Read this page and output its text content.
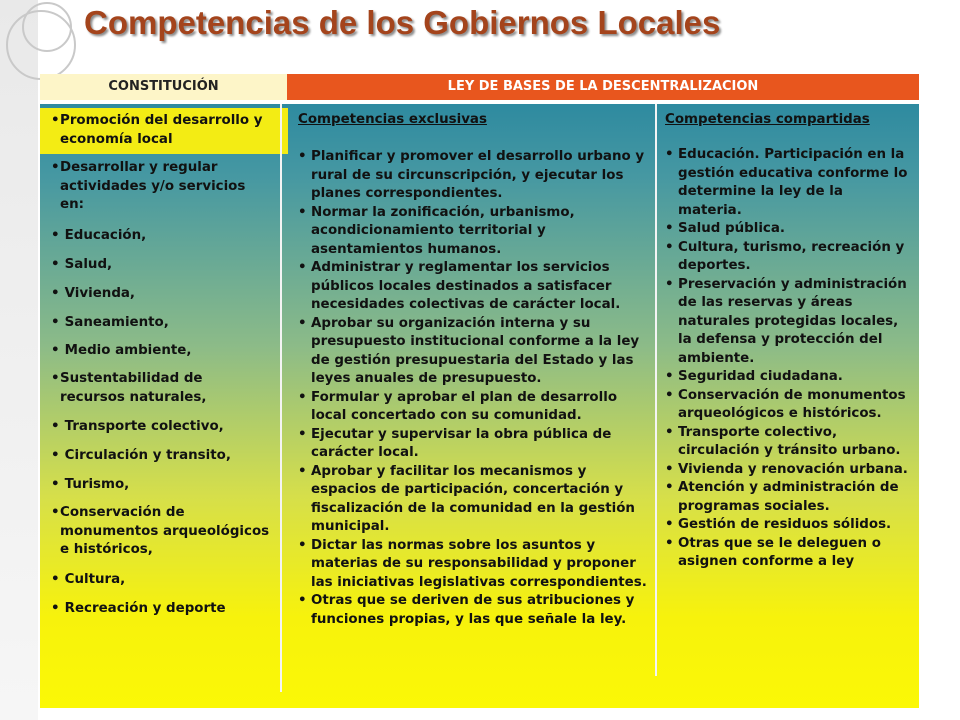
Competencias de los Gobiernos Locales
CONSTITUCIÓN	LEY DE BASES DE LA DESCENTRALIZACION
• Promoción del desarrollo y economía local
• Desarrollar y regular actividades y/o servicios en:
•  Educación,
•  Salud,
•  Vivienda,
•  Saneamiento,
•  Medio ambiente,
• Sustentabilidad de recursos naturales,
•  Transporte colectivo,
•  Circulación y transito,
•  Turismo,
• Conservación de monumentos arqueológicos e históricos,
•  Cultura,
•  Recreación y deporte
Competencias exclusivas
• Planificar y promover el desarrollo urbano y rural de su circunscripción, y ejecutar los planes correspondientes.
• Normar la zonificación, urbanismo, acondicionamiento territorial y asentamientos humanos.
• Administrar y reglamentar los servicios públicos locales destinados a satisfacer necesidades colectivas de carácter local.
• Aprobar su organización interna y su presupuesto institucional conforme a la ley de gestión presupuestaria del Estado y las leyes anuales de presupuesto.
• Formular y aprobar el plan de desarrollo local concertado con su comunidad.
• Ejecutar y supervisar la obra pública de carácter local.
• Aprobar y facilitar los mecanismos y espacios de participación, concertación y fiscalización de la comunidad en la gestión municipal.
• Dictar las normas sobre los asuntos y materias de su responsabilidad y proponer las iniciativas legislativas correspondientes.
• Otras que se deriven de sus atribuciones y funciones propias, y las que señale la ley.
Competencias compartidas
• Educación. Participación en la gestión educativa conforme lo determine la ley de la materia.
• Salud pública.
• Cultura, turismo, recreación y deportes.
• Preservación y administración de las reservas y áreas naturales protegidas locales, la defensa y protección del ambiente.
• Seguridad ciudadana.
• Conservación de monumentos arqueológicos e históricos.
• Transporte colectivo, circulación y tránsito urbano.
• Vivienda y renovación urbana.
• Atención y administración de programas sociales.
• Gestión de residuos sólidos.
• Otras que se le deleguen o asignen conforme a ley
